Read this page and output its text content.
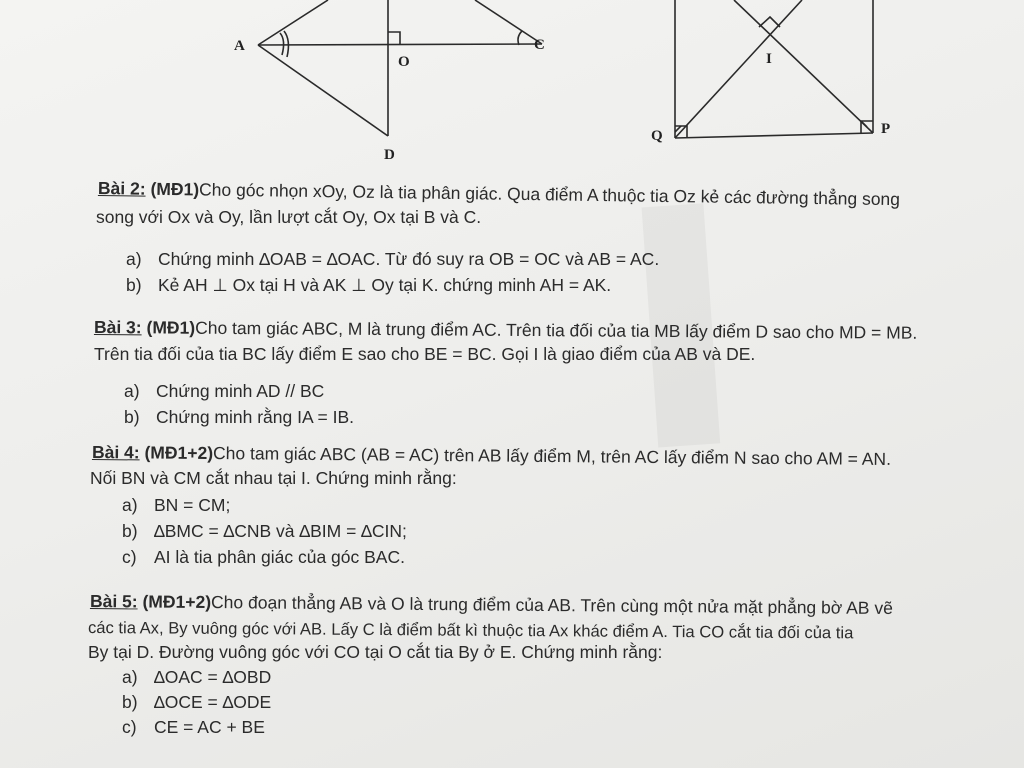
A	C
O
D
I
Q	P
Bài 2: (MĐ1)Cho góc nhọn xOy, Oz là tia phân giác. Qua điểm A thuộc tia Oz kẻ các đường thẳng song
song với Ox và Oy, lần lượt cắt Oy, Ox tại B và C.
a) Chứng minh ∆OAB = ∆OAC. Từ đó suy ra OB = OC và AB = AC.
b) Kẻ AH ⊥ Ox tại H và AK ⊥ Oy tại K. chứng minh AH = AK.
Bài 3: (MĐ1)Cho tam giác ABC, M là trung điểm AC. Trên tia đối của tia MB lấy điểm D sao cho MD = MB.
Trên tia đối của tia BC lấy điểm E sao cho BE = BC. Gọi I là giao điểm của AB và DE.
a) Chứng minh AD // BC
b) Chứng minh rằng IA = IB.
Bài 4: (MĐ1+2)Cho tam giác ABC (AB = AC) trên AB lấy điểm M, trên AC lấy điểm N sao cho AM = AN.
Nối BN và CM cắt nhau tại I. Chứng minh rằng:
a) BN = CM;
b) ∆BMC = ∆CNB và ∆BIM = ∆CIN;
c) AI là tia phân giác của góc BAC.
Bài 5: (MĐ1+2)Cho đoạn thẳng AB và O là trung điểm của AB. Trên cùng một nửa mặt phẳng bờ AB vẽ
các tia Ax, By vuông góc với AB. Lấy C là điểm bất kì thuộc tia Ax khác điểm A. Tia CO cắt tia đối của tia
By tại D. Đường vuông góc với CO tại O cắt tia By ở E. Chứng minh rằng:
a) ∆OAC = ∆OBD
b) ∆OCE = ∆ODE
c) CE = AC + BE
